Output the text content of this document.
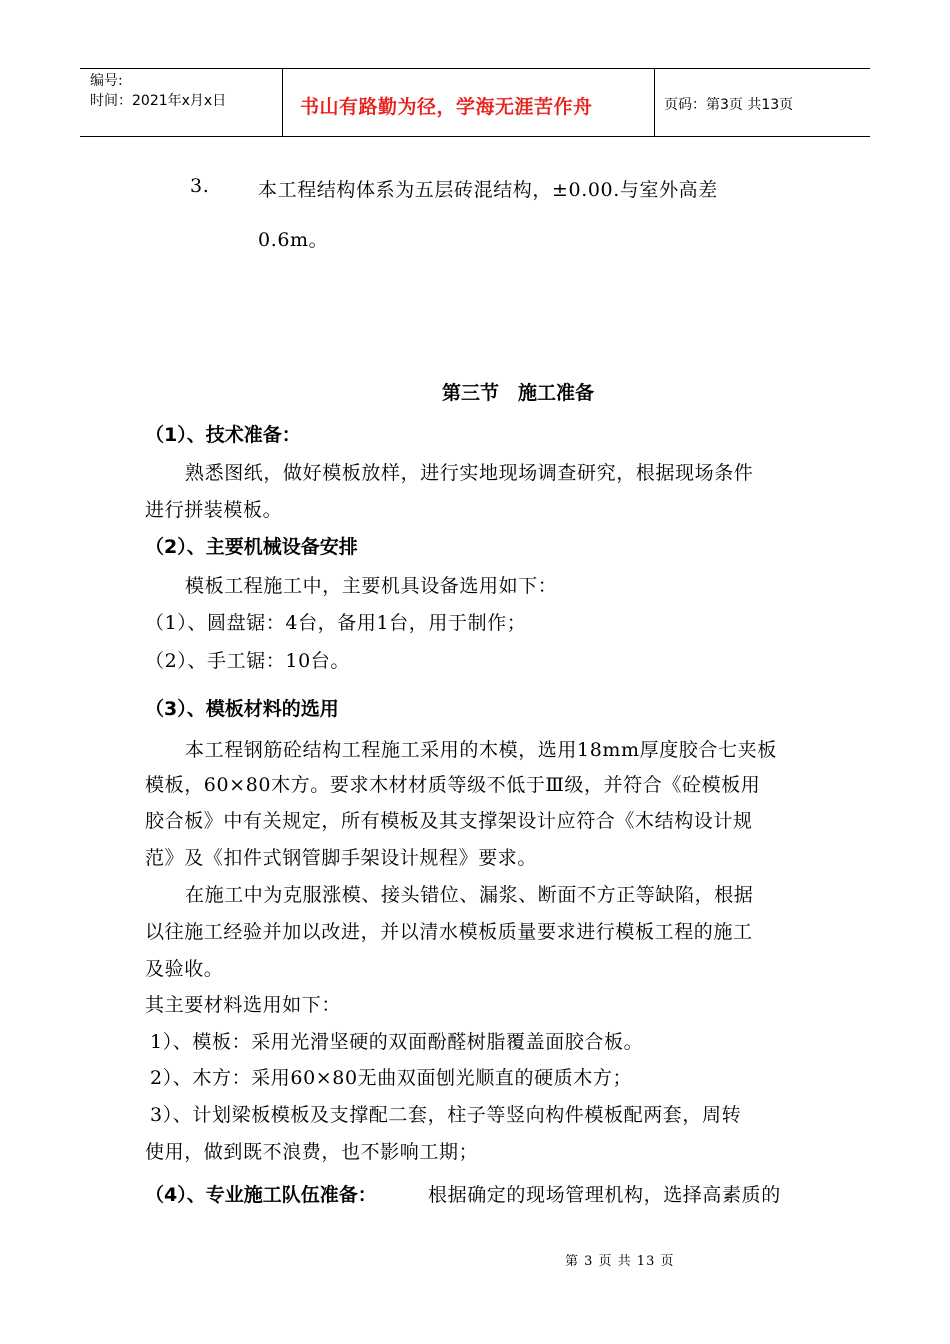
编号:
时间：2021年x月x日	书山有路勤为径，学海无涯苦作舟	页码：第3页 共13页
3.	本工程结构体系为五层砖混结构，±0.00.与室外高差
0.6m。
第三节　施工准备
（1）、技术准备：
熟悉图纸，做好模板放样，进行实地现场调查研究，根据现场条件
进行拼装模板。
（2）、主要机械设备安排
模板工程施工中，主要机具设备选用如下：
（1）、圆盘锯：4台，备用1台，用于制作；
（2）、手工锯：10台。
（3）、模板材料的选用
本工程钢筋砼结构工程施工采用的木模，选用18mm厚度胶合七夹板
模板，60×80木方。要求木材材质等级不低于Ⅲ级，并符合《砼模板用
胶合板》中有关规定，所有模板及其支撑架设计应符合《木结构设计规
范》及《扣件式钢管脚手架设计规程》要求。
在施工中为克服涨模、接头错位、漏浆、断面不方正等缺陷，根据
以往施工经验并加以改进，并以清水模板质量要求进行模板工程的施工
及验收。
其主要材料选用如下：
1）、模板：采用光滑坚硬的双面酚醛树脂覆盖面胶合板。
2）、木方：采用60×80无曲双面刨光顺直的硬质木方；
3）、计划梁板模板及支撑配二套，柱子等竖向构件模板配两套，周转
使用，做到既不浪费，也不影响工期；
（4）、专业施工队伍准备：	根据确定的现场管理机构，选择高素质的
第 3 页 共 13 页
